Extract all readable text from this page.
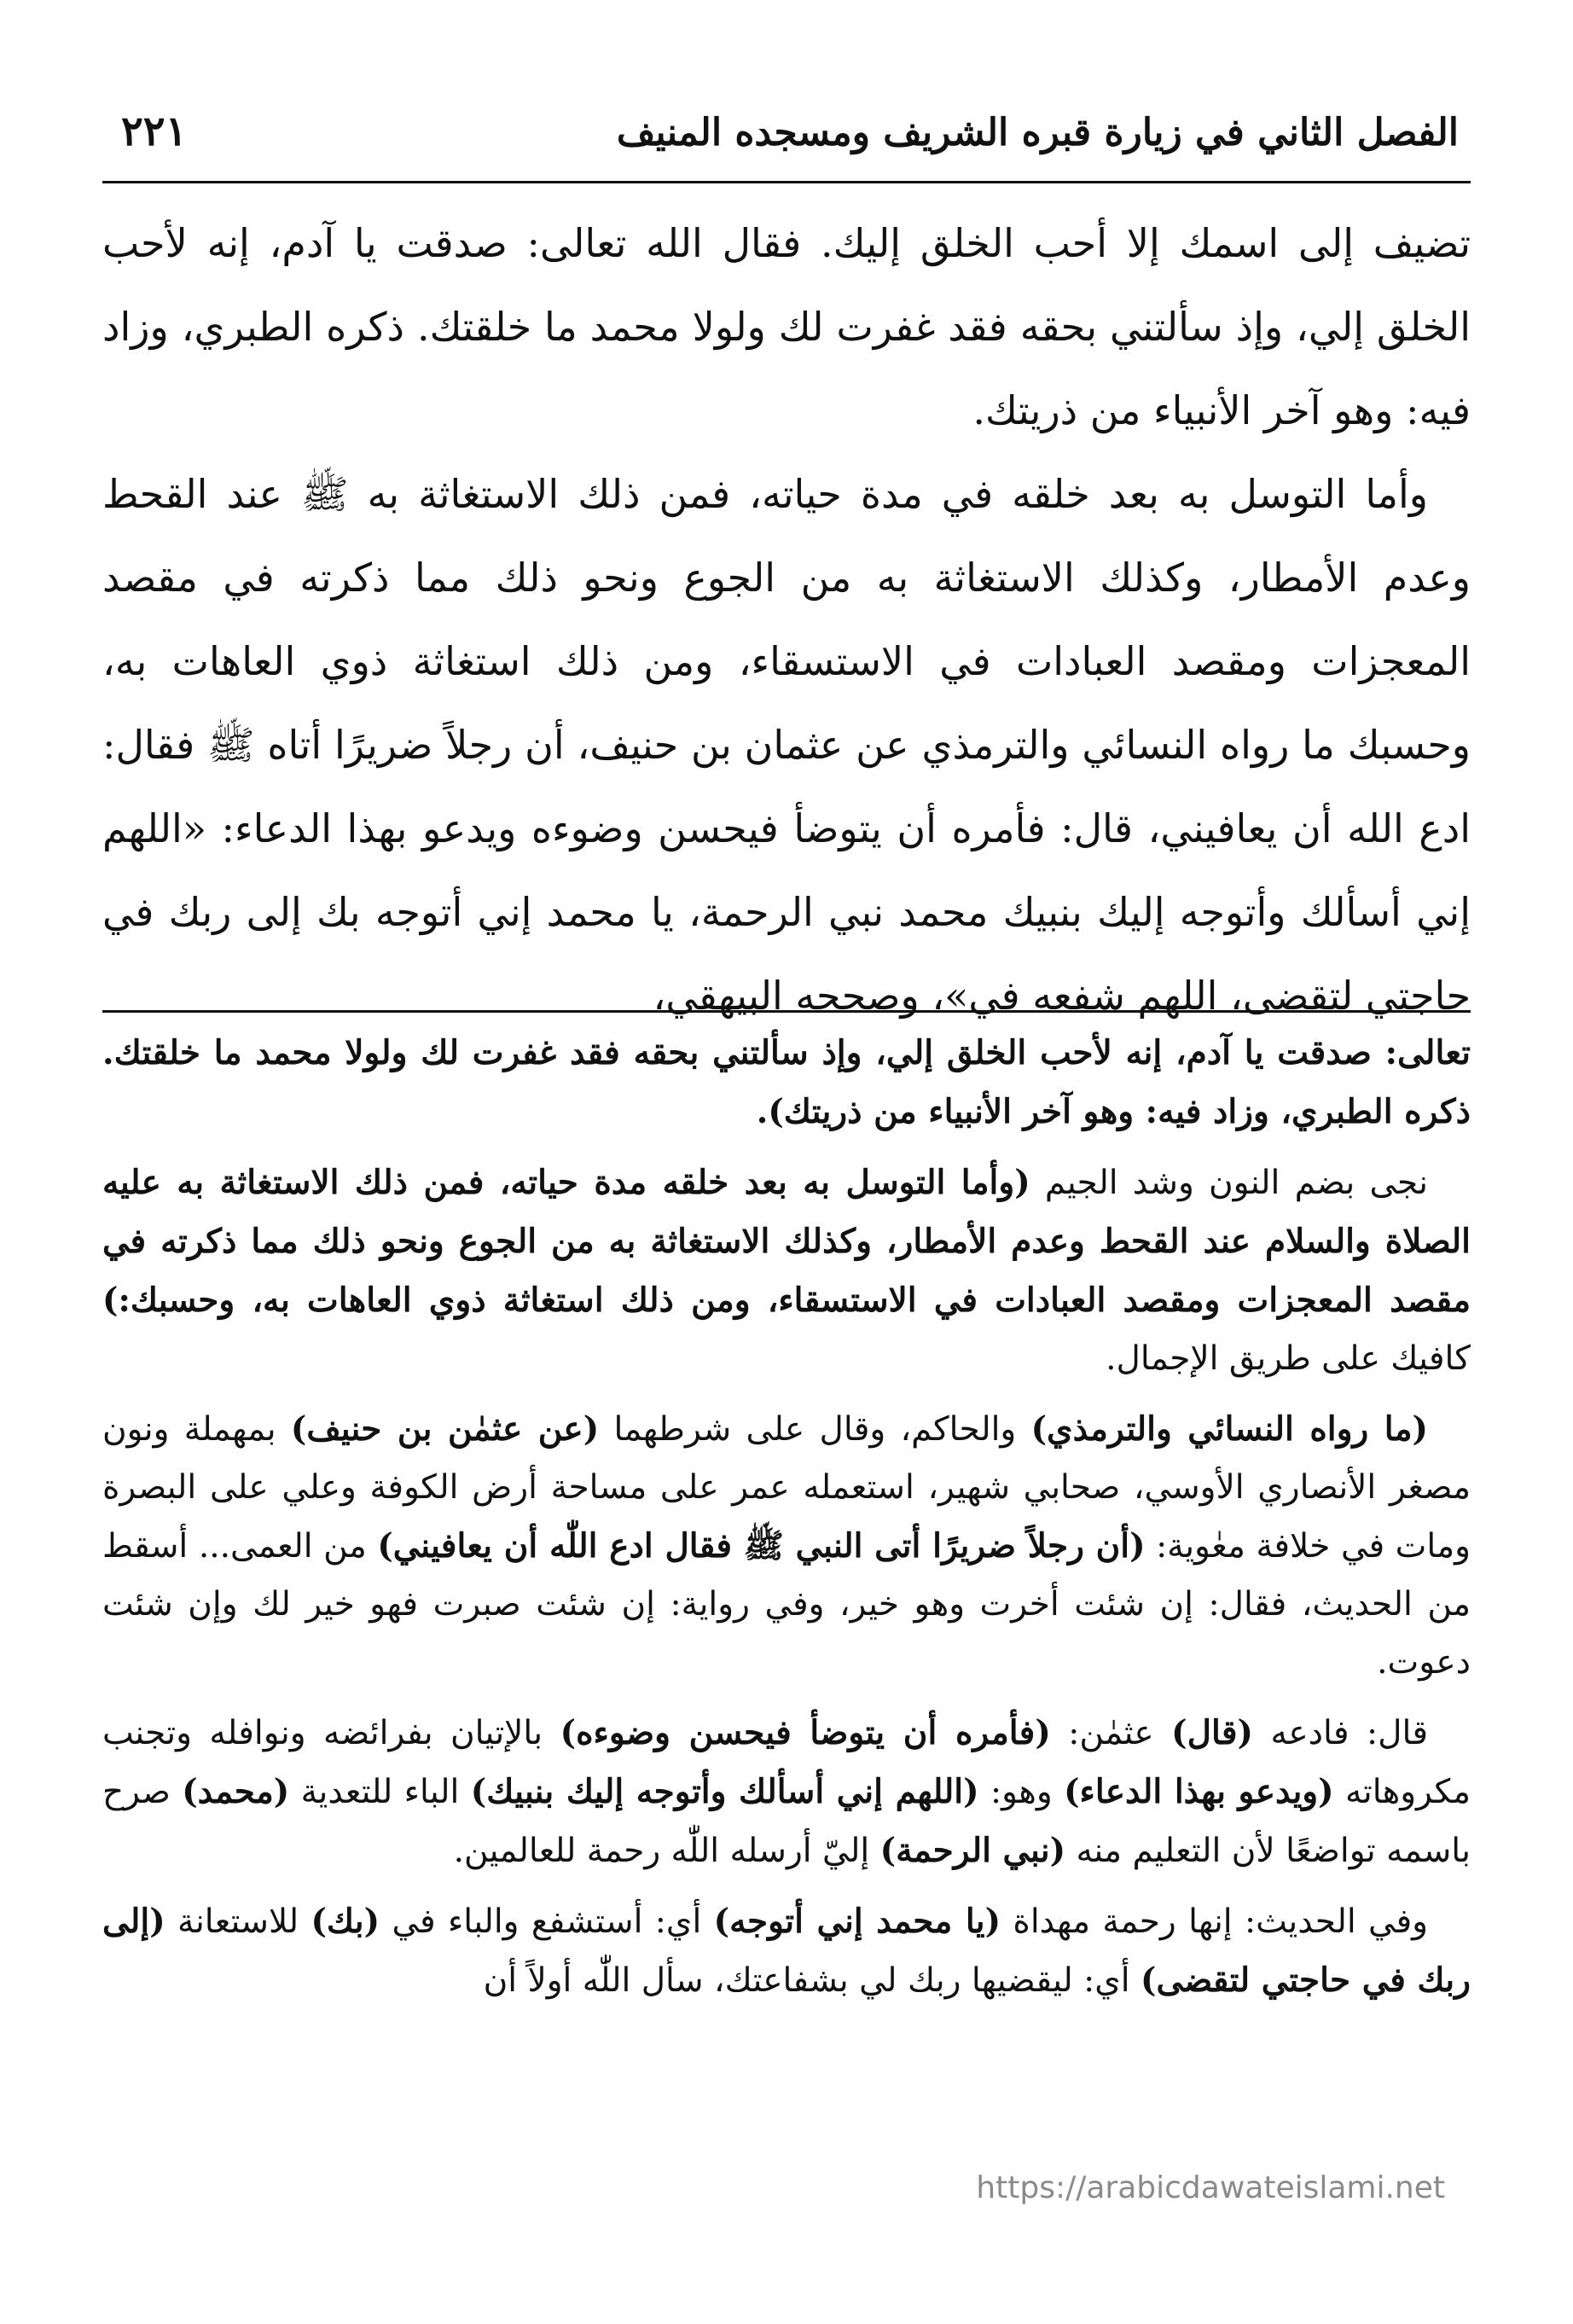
الفصل الثاني في زيارة قبره الشريف ومسجده المنيف
٢٢١

تضيف إلى اسمك إلا أحب الخلق إليك. فقال الله تعالى: صدقت يا آدم، إنه لأحب الخلق إلي، وإذ سألتني بحقه فقد غفرت لك ولولا محمد ما خلقتك. ذكره الطبري، وزاد فيه: وهو آخر الأنبياء من ذريتك.

وأما التوسل به بعد خلقه في مدة حياته، فمن ذلك الاستغاثة به ﷺ عند القحط وعدم الأمطار، وكذلك الاستغاثة به من الجوع ونحو ذلك مما ذكرته في مقصد المعجزات ومقصد العبادات في الاستسقاء، ومن ذلك استغاثة ذوي العاهات به، وحسبك ما رواه النسائي والترمذي عن عثمان بن حنيف، أن رجلاً ضريرًا أتاه ﷺ فقال: ادع الله أن يعافيني، قال: فأمره أن يتوضأ فيحسن وضوءه ويدعو بهذا الدعاء: «اللهم إني أسألك وأتوجه إليك بنبيك محمد نبي الرحمة، يا محمد إني أتوجه بك إلى ربك في حاجتي لتقضى، اللهم شفعه في»، وصححه البيهقي،

تعالى: صدقت يا آدم، إنه لأحب الخلق إلي، وإذ سألتني بحقه فقد غفرت لك ولولا محمد ما خلقتك. ذكره الطبري، وزاد فيه: وهو آخر الأنبياء من ذريتك).

نجى بضم النون وشد الجيم (وأما التوسل به بعد خلقه مدة حياته، فمن ذلك الاستغاثة به عليه الصلاة والسلام عند القحط وعدم الأمطار، وكذلك الاستغاثة به من الجوع ونحو ذلك مما ذكرته في مقصد المعجزات ومقصد العبادات في الاستسقاء، ومن ذلك استغاثة ذوي العاهات به، وحسبك:) كافيك على طريق الإجمال.

(ما رواه النسائي والترمذي) والحاكم، وقال على شرطهما (عن عثمٰن بن حنيف) بمهملة ونون مصغر الأنصاري الأوسي، صحابي شهير، استعمله عمر على مساحة أرض الكوفة وعلي على البصرة ومات في خلافة معٰوية: (أن رجلاً ضريرًا أتى النبي ﷺ فقال ادع اللّٰه أن يعافيني) من العمى... أسقط من الحديث، فقال: إن شئت أخرت وهو خير، وفي رواية: إن شئت صبرت فهو خير لك وإن شئت دعوت.

قال: فادعه (قال) عثمٰن: (فأمره أن يتوضأ فيحسن وضوءه) بالإتيان بفرائضه ونوافله وتجنب مكروهاته (ويدعو بهذا الدعاء) وهو: (اللهم إني أسألك وأتوجه إليك بنبيك) الباء للتعدية (محمد) صرح باسمه تواضعًا لأن التعليم منه (نبي الرحمة) إليّ أرسله اللّٰه رحمة للعالمين.

وفي الحديث: إنها رحمة مهداة (يا محمد إني أتوجه) أي: أستشفع والباء في (بك) للاستعانة (إلى ربك في حاجتي لتقضى) أي: ليقضيها ربك لي بشفاعتك، سأل اللّٰه أولاً أن

https://arabicdawateislami.net
